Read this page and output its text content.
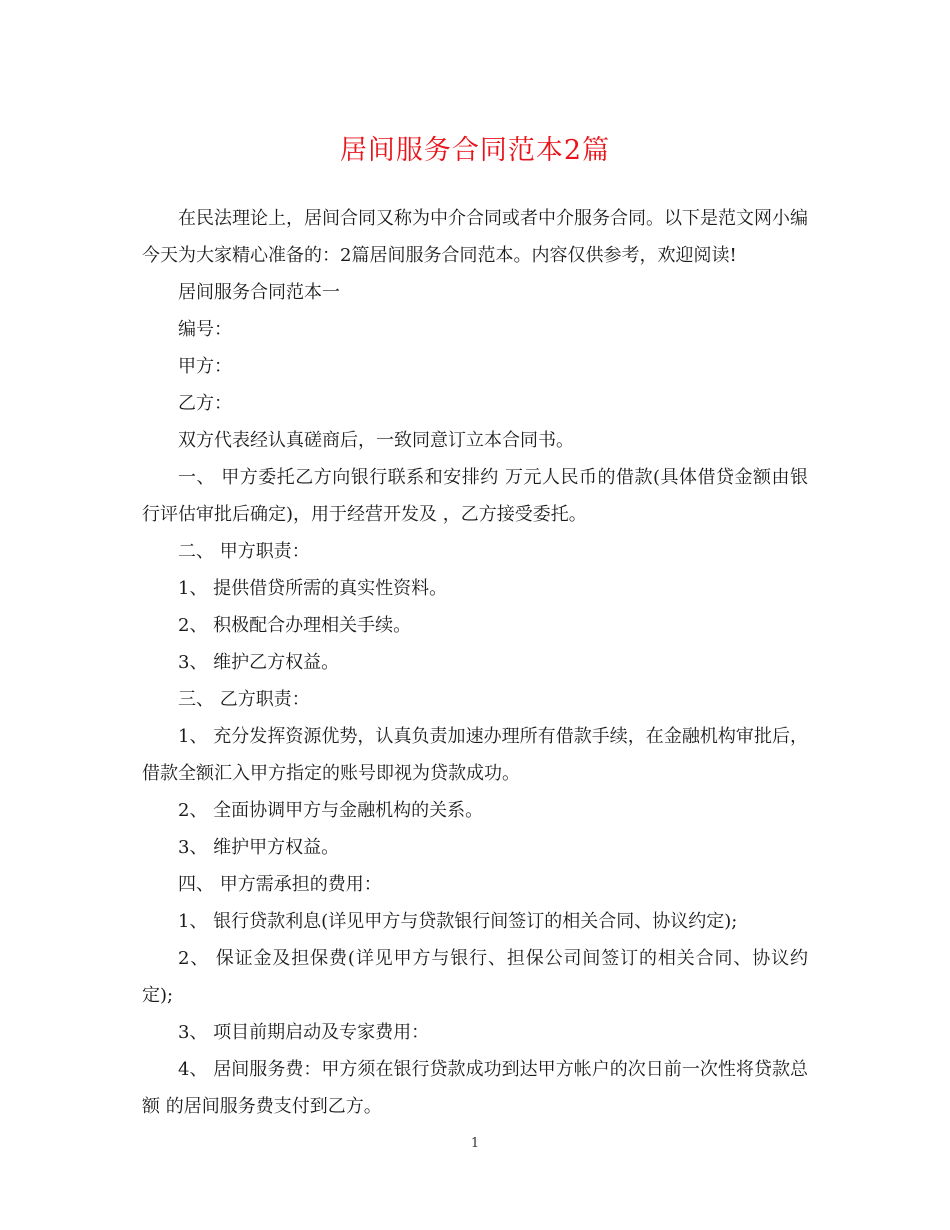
居间服务合同范本2篇

在民法理论上，居间合同又称为中介合同或者中介服务合同。以下是范文网小编今天为大家精心准备的：2篇居间服务合同范本。内容仅供参考，欢迎阅读!

居间服务合同范本一

编号：

甲方：

乙方：

双方代表经认真磋商后，一致同意订立本合同书。

一、 甲方委托乙方向银行联系和安排约 万元人民币的借款(具体借贷金额由银行评估审批后确定)，用于经营开发及 ，乙方接受委托。

二、 甲方职责：

1、 提供借贷所需的真实性资料。

2、 积极配合办理相关手续。

3、 维护乙方权益。

三、 乙方职责：

1、 充分发挥资源优势，认真负责加速办理所有借款手续，在金融机构审批后，借款全额汇入甲方指定的账号即视为贷款成功。

2、 全面协调甲方与金融机构的关系。

3、 维护甲方权益。

四、 甲方需承担的费用：

1、 银行贷款利息(详见甲方与贷款银行间签订的相关合同、协议约定);

2、 保证金及担保费(详见甲方与银行、担保公司间签订的相关合同、协议约定);

3、 项目前期启动及专家费用：

4、 居间服务费：甲方须在银行贷款成功到达甲方帐户的次日前一次性将贷款总额 的居间服务费支付到乙方。

1
